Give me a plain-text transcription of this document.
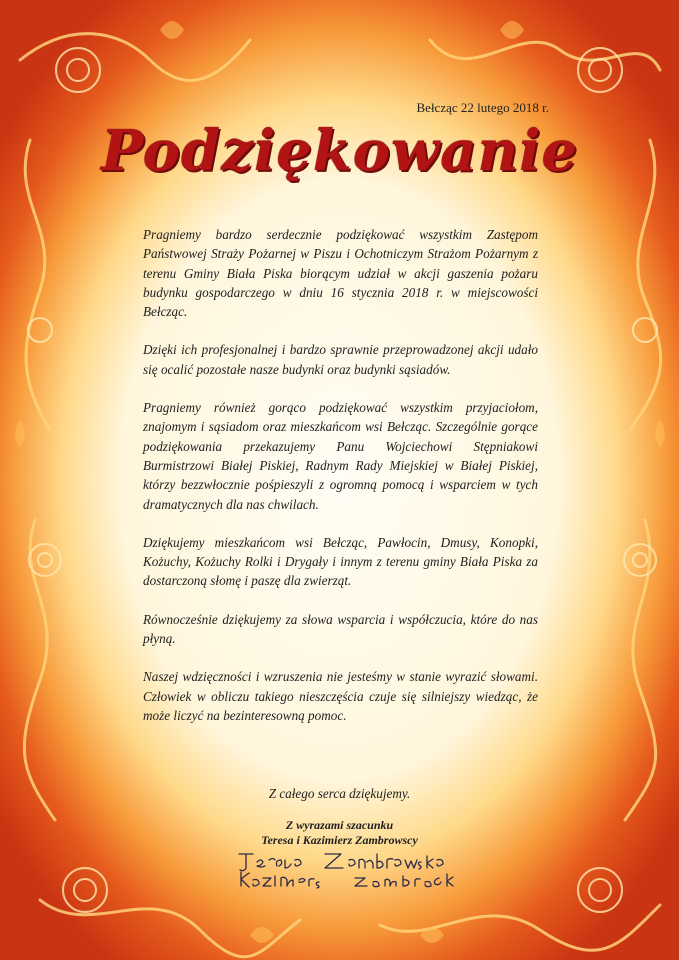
Bełcząc 22 lutego 2018 r.

Podziękowanie

Pragniemy bardzo serdecznie podziękować wszystkim Zastępom Państwowej Straży Pożarnej w Piszu i Ochotniczym Strażom Pożarnym z terenu Gminy Biała Piska biorącym udział w akcji gaszenia pożaru budynku gospodarczego w dniu 16 stycznia 2018 r. w miejscowości Bełcząc.

Dzięki ich profesjonalnej i bardzo sprawnie przeprowadzonej akcji udało się ocalić pozostałe nasze budynki oraz budynki sąsiadów.

Pragniemy również gorąco podziękować wszystkim przyjaciołom, znajomym i sąsiadom oraz mieszkańcom wsi Bełcząc. Szczególnie gorące podziękowania przekazujemy Panu Wojciechowi Stępniakowi Burmistrzowi Białej Piskiej, Radnym Rady Miejskiej w Białej Piskiej, którzy bezzwłocznie pośpieszyli z ogromną pomocą i wsparciem w tych dramatycznych dla nas chwilach.

Dziękujemy mieszkańcom wsi Bełcząc, Pawłocin, Dmusy, Konopki, Kożuchy, Kożuchy Rolki i Drygały i innym z terenu gminy Biała Piska za dostarczoną słomę i paszę dla zwierząt.

Równocześnie dziękujemy za słowa wsparcia i współczucia, które do nas płyną.

Naszej wdzięczności i wzruszenia nie jesteśmy w stanie wyrazić słowami. Człowiek w obliczu takiego nieszczęścia czuje się silniejszy wiedząc, że może liczyć na bezinteresowną pomoc.

Z całego serca dziękujemy.

Z wyrazami szacunku

Teresa i Kazimierz Zambrowscy
